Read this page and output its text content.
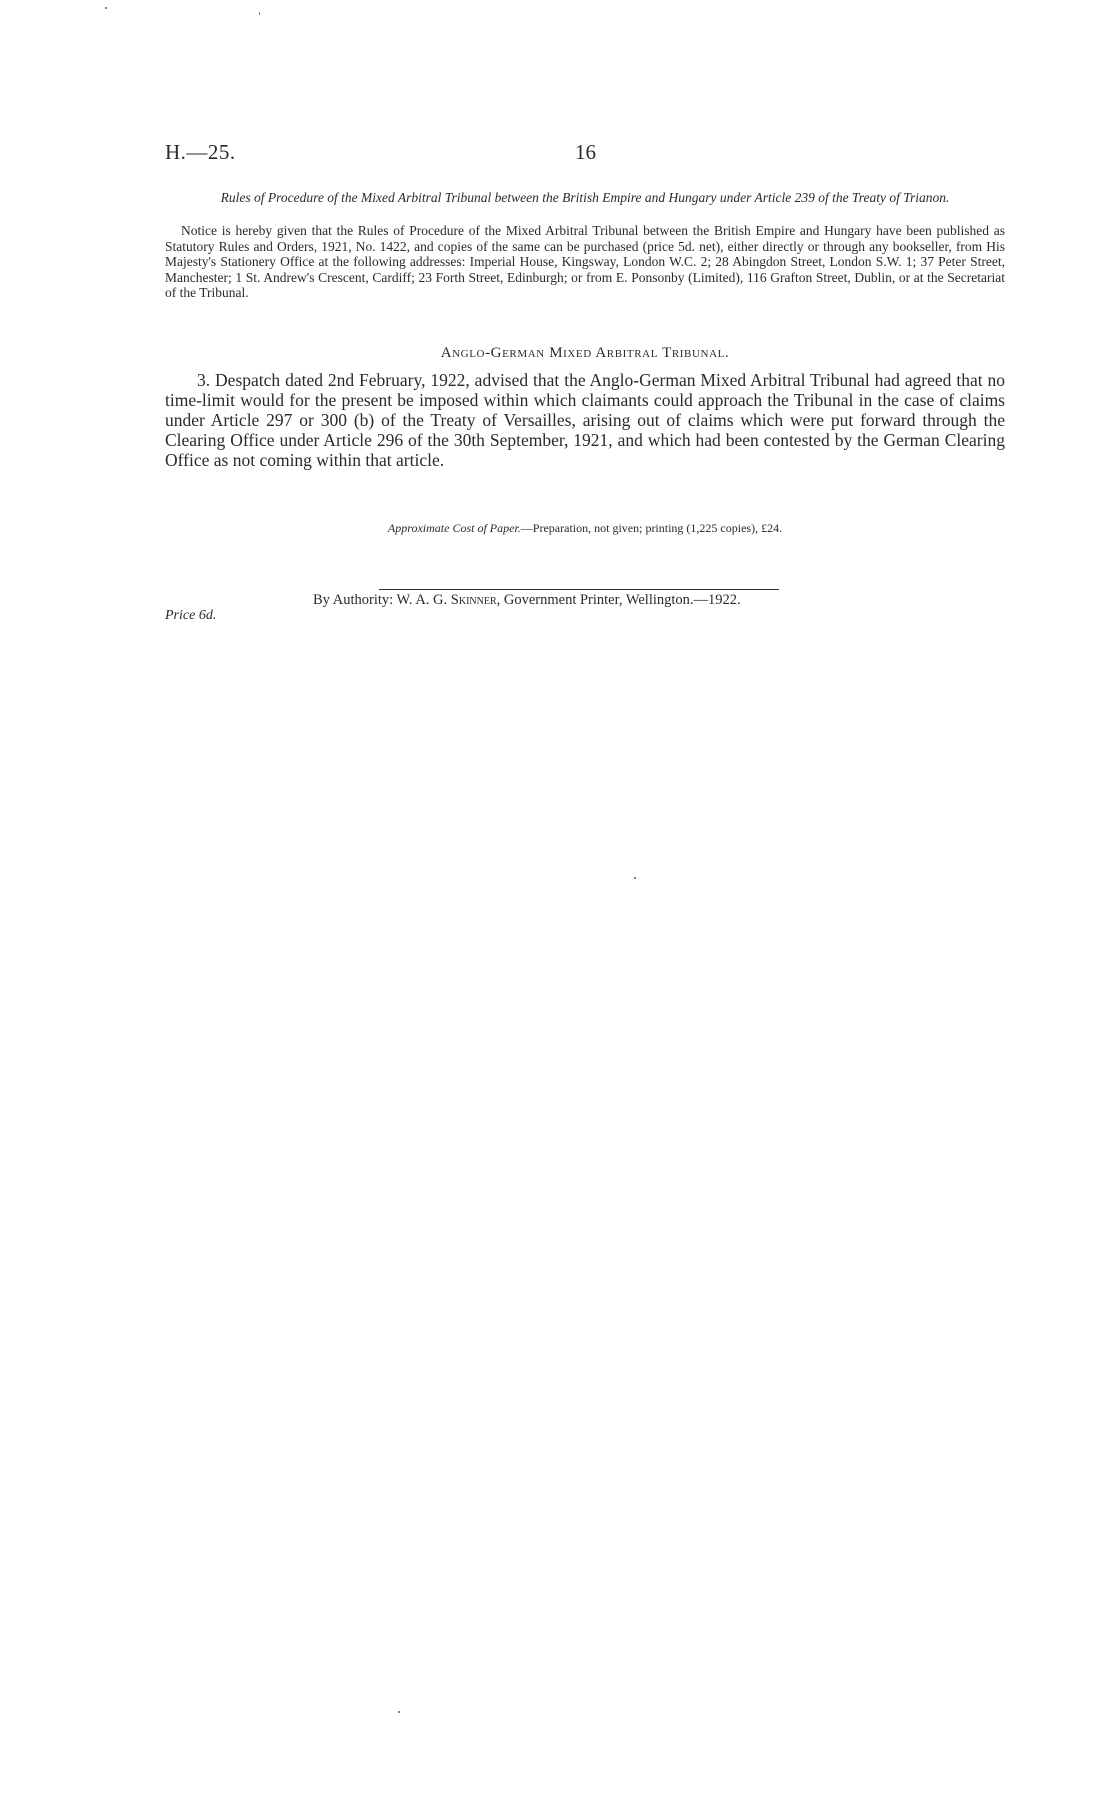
H.—25.	16
Rules of Procedure of the Mixed Arbitral Tribunal between the British Empire and Hungary under Article 239 of the Treaty of Trianon.
Notice is hereby given that the Rules of Procedure of the Mixed Arbitral Tribunal between the British Empire and Hungary have been published as Statutory Rules and Orders, 1921, No. 1422, and copies of the same can be purchased (price 5d. net), either directly or through any bookseller, from His Majesty's Stationery Office at the following addresses: Imperial House, Kingsway, London W.C. 2; 28 Abingdon Street, London S.W. 1; 37 Peter Street, Manchester; 1 St. Andrew's Crescent, Cardiff; 23 Forth Street, Edinburgh; or from E. Ponsonby (Limited), 116 Grafton Street, Dublin, or at the Secretariat of the Tribunal.
Anglo-German Mixed Arbitral Tribunal.
3. Despatch dated 2nd February, 1922, advised that the Anglo-German Mixed Arbitral Tribunal had agreed that no time-limit would for the present be imposed within which claimants could approach the Tribunal in the case of claims under Article 297 or 300 (b) of the Treaty of Versailles, arising out of claims which were put forward through the Clearing Office under Article 296 of the 30th September, 1921, and which had been contested by the German Clearing Office as not coming within that article.
Approximate Cost of Paper.—Preparation, not given; printing (1,225 copies), £24.
By Authority: W. A. G. Skinner, Government Printer, Wellington.—1922.
Price 6d.
